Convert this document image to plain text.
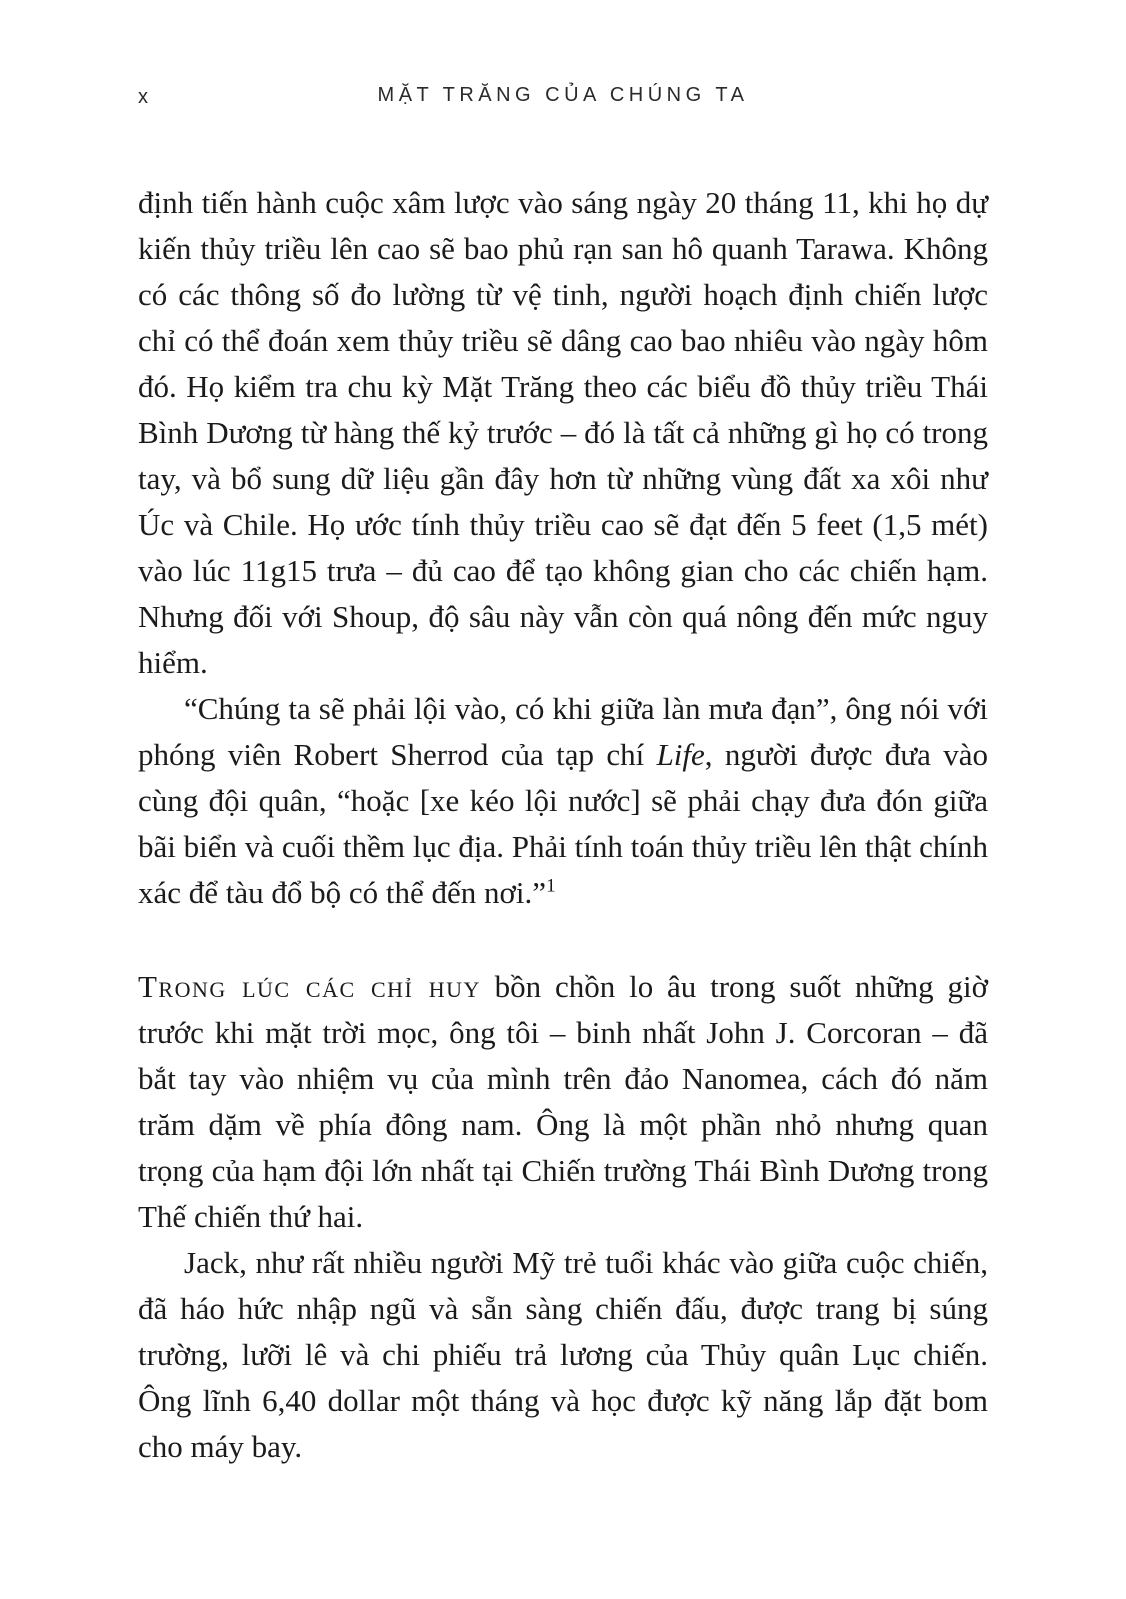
x	MẶT TRĂNG CỦA CHÚNG TA

định tiến hành cuộc xâm lược vào sáng ngày 20 tháng 11, khi họ dự kiến thủy triều lên cao sẽ bao phủ rạn san hô quanh Tarawa. Không có các thông số đo lường từ vệ tinh, người hoạch định chiến lược chỉ có thể đoán xem thủy triều sẽ dâng cao bao nhiêu vào ngày hôm đó. Họ kiểm tra chu kỳ Mặt Trăng theo các biểu đồ thủy triều Thái Bình Dương từ hàng thế kỷ trước – đó là tất cả những gì họ có trong tay, và bổ sung dữ liệu gần đây hơn từ những vùng đất xa xôi như Úc và Chile. Họ ước tính thủy triều cao sẽ đạt đến 5 feet (1,5 mét) vào lúc 11g15 trưa – đủ cao để tạo không gian cho các chiến hạm. Nhưng đối với Shoup, độ sâu này vẫn còn quá nông đến mức nguy hiểm.

“Chúng ta sẽ phải lội vào, có khi giữa làn mưa đạn”, ông nói với phóng viên Robert Sherrod của tạp chí Life, người được đưa vào cùng đội quân, “hoặc [xe kéo lội nước] sẽ phải chạy đưa đón giữa bãi biển và cuối thềm lục địa. Phải tính toán thủy triều lên thật chính xác để tàu đổ bộ có thể đến nơi.”$^1$

Trong lúc các chỉ huy bồn chồn lo âu trong suốt những giờ trước khi mặt trời mọc, ông tôi – binh nhất John J. Corcoran – đã bắt tay vào nhiệm vụ của mình trên đảo Nanomea, cách đó năm trăm dặm về phía đông nam. Ông là một phần nhỏ nhưng quan trọng của hạm đội lớn nhất tại Chiến trường Thái Bình Dương trong Thế chiến thứ hai.

Jack, như rất nhiều người Mỹ trẻ tuổi khác vào giữa cuộc chiến, đã háo hức nhập ngũ và sẵn sàng chiến đấu, được trang bị súng trường, lưỡi lê và chi phiếu trả lương của Thủy quân Lục chiến. Ông lĩnh 6,40 dollar một tháng và học được kỹ năng lắp đặt bom cho máy bay.
